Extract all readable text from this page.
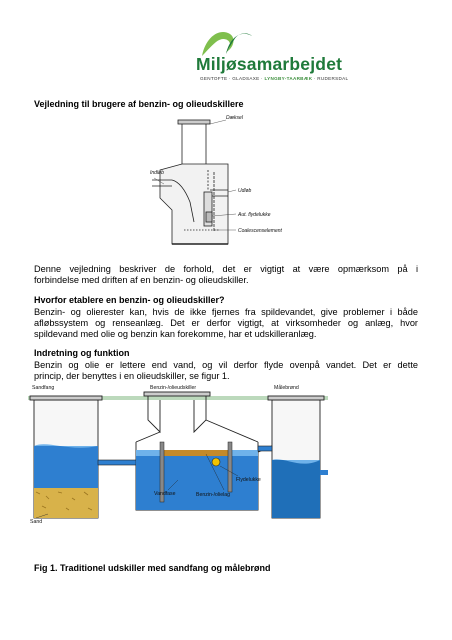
Miljøsamarbejdet
GENTOFTE · GLADSAXE · LYNGBY-TAARBÆK · RUDERSDAL
Vejledning til brugere af benzin- og olieudskillere
Dæksel
Indløb
Udløb
Aut. flydelukke
Coalescenselement
Denne vejledning beskriver de forhold, det er vigtigt at være opmærksom på i
forbindelse med driften af en benzin- og olieudskiller.
Hvorfor etablere en benzin- og olieudskiller?
Benzin- og olierester kan, hvis de ikke fjernes fra spildevandet, give problemer i både
afløbssystem og renseanlæg. Det er derfor vigtigt, at virksomheder og anlæg, hvor
spildevand med olie og benzin kan forekomme, har et udskilleranlæg.
Indretning og funktion
Benzin og olie er lettere end vand, og vil derfor flyde ovenpå vandet. Det er dette
princip, der benyttes i en olieudskiller, se figur 1.
Sandfang	Benzin-/olieudskiller	Målebrønd
Sand
Vandfase
Flydelukke
Benzin-/olielag
Fig 1. Traditionel udskiller med sandfang og målebrønd
